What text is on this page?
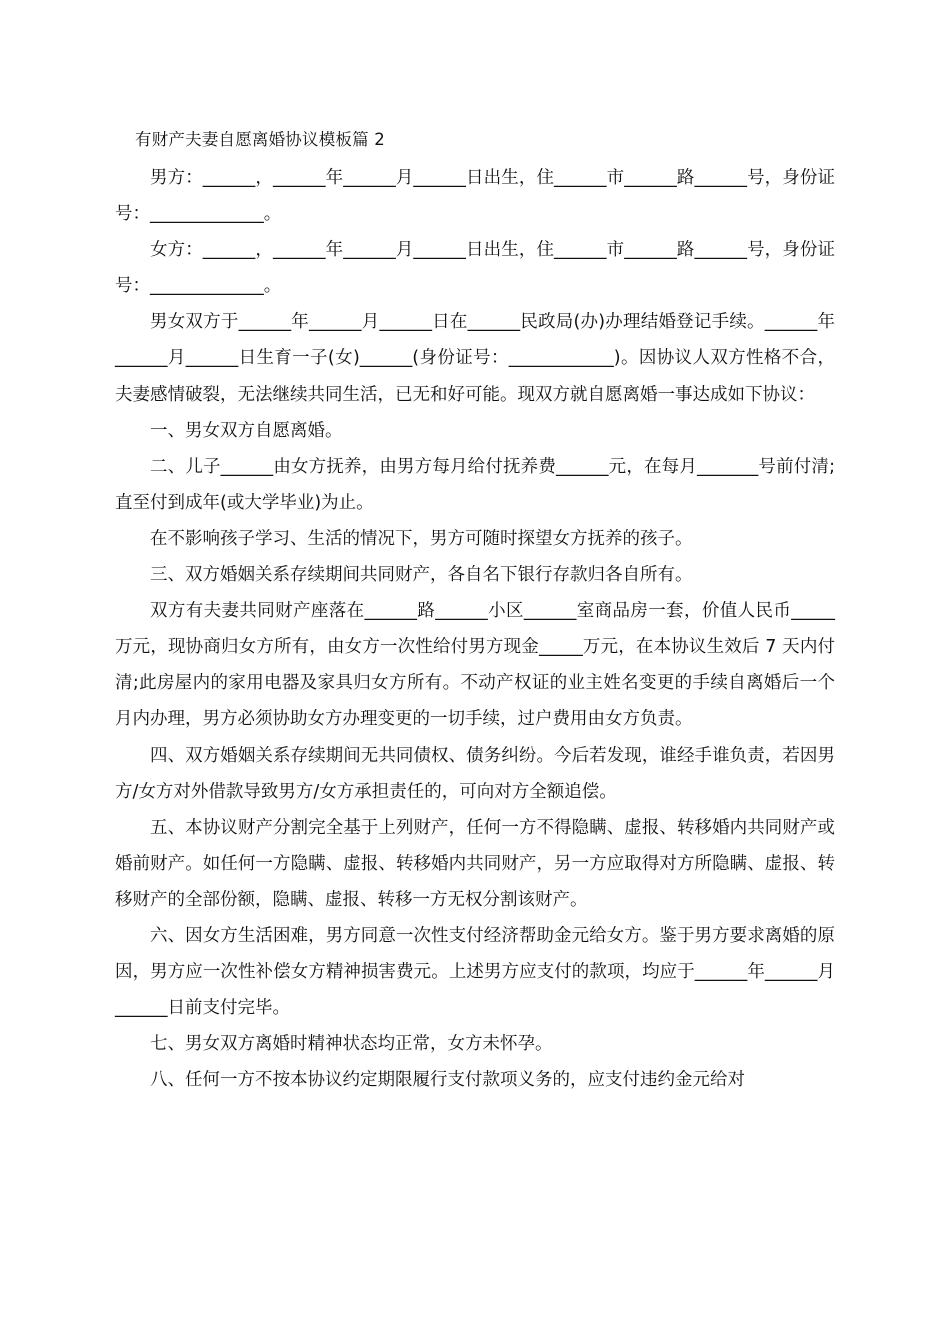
有财产夫妻自愿离婚协议模板篇 2

男方：______，______年______月______日出生，住______市______路______号，身份证号：_____________。

女方：______，______年______月______日出生，住______市______路______号，身份证号：_____________。

男女双方于______年______月______日在______民政局(办)办理结婚登记手续。______年______月______日生育一子(女)______(身份证号：____________)。因协议人双方性格不合，夫妻感情破裂，无法继续共同生活，已无和好可能。现双方就自愿离婚一事达成如下协议：

一、男女双方自愿离婚。

二、儿子______由女方抚养，由男方每月给付抚养费______元，在每月_______号前付清;直至付到成年(或大学毕业)为止。

在不影响孩子学习、生活的情况下，男方可随时探望女方抚养的孩子。

三、双方婚姻关系存续期间共同财产，各自名下银行存款归各自所有。

双方有夫妻共同财产座落在______路______小区______室商品房一套，价值人民币_____万元，现协商归女方所有，由女方一次性给付男方现金_____万元，在本协议生效后 7 天内付清;此房屋内的家用电器及家具归女方所有。不动产权证的业主姓名变更的手续自离婚后一个月内办理，男方必须协助女方办理变更的一切手续，过户费用由女方负责。

四、双方婚姻关系存续期间无共同债权、债务纠纷。今后若发现，谁经手谁负责，若因男方/女方对外借款导致男方/女方承担责任的，可向对方全额追偿。

五、本协议财产分割完全基于上列财产，任何一方不得隐瞒、虚报、转移婚内共同财产或婚前财产。如任何一方隐瞒、虚报、转移婚内共同财产，另一方应取得对方所隐瞒、虚报、转移财产的全部份额，隐瞒、虚报、转移一方无权分割该财产。

六、因女方生活困难，男方同意一次性支付经济帮助金元给女方。鉴于男方要求离婚的原因，男方应一次性补偿女方精神损害费元。上述男方应支付的款项，均应于______年______月______日前支付完毕。

七、男女双方离婚时精神状态均正常，女方未怀孕。

八、任何一方不按本协议约定期限履行支付款项义务的，应支付违约金元给对
